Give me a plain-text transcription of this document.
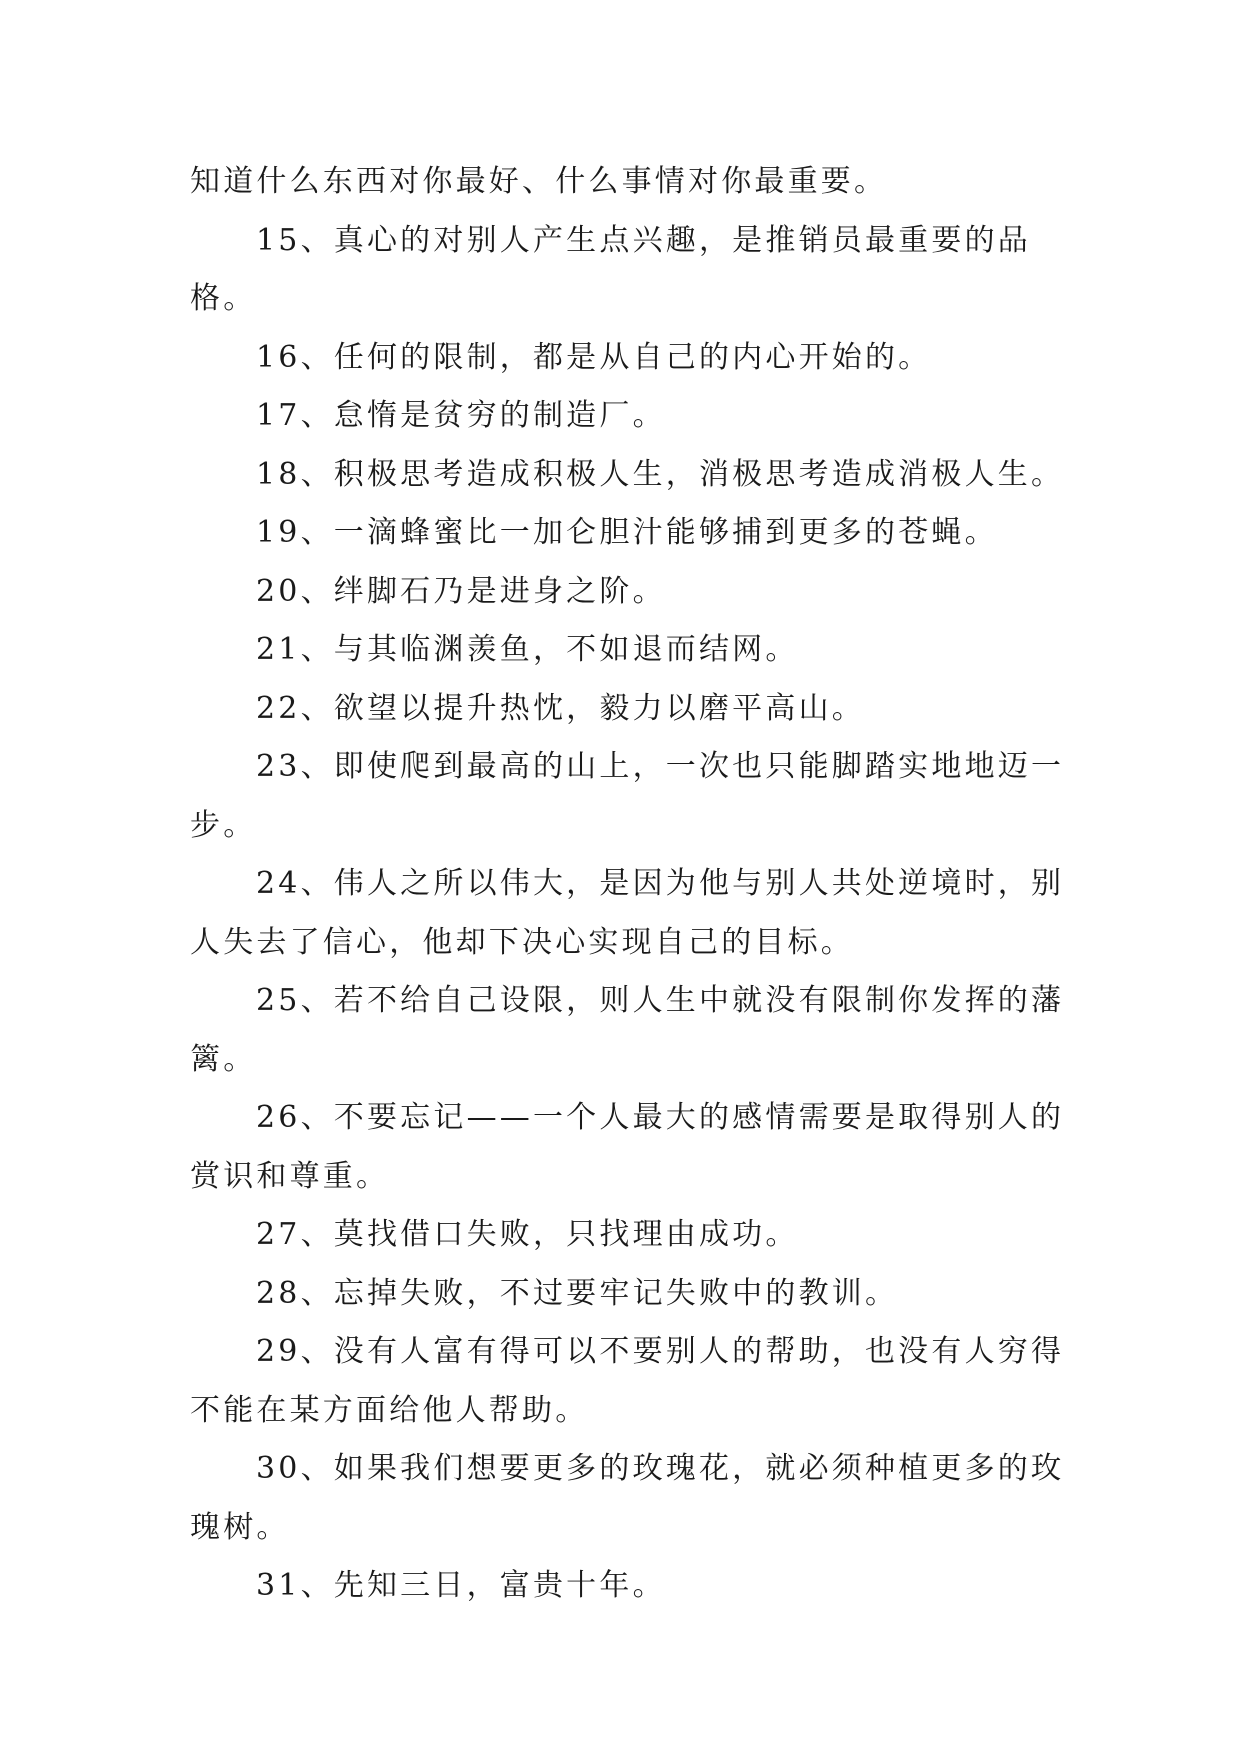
知道什么东西对你最好、什么事情对你最重要。

15、真心的对别人产生点兴趣，是推销员最重要的品格。

16、任何的限制，都是从自己的内心开始的。

17、怠惰是贫穷的制造厂。

18、积极思考造成积极人生，消极思考造成消极人生。

19、一滴蜂蜜比一加仑胆汁能够捕到更多的苍蝇。

20、绊脚石乃是进身之阶。

21、与其临渊羡鱼，不如退而结网。

22、欲望以提升热忱，毅力以磨平高山。

23、即使爬到最高的山上，一次也只能脚踏实地地迈一步。

24、伟人之所以伟大，是因为他与别人共处逆境时，别人失去了信心，他却下决心实现自己的目标。

25、若不给自己设限，则人生中就没有限制你发挥的藩篱。

26、不要忘记——一个人最大的感情需要是取得别人的赏识和尊重。

27、莫找借口失败，只找理由成功。

28、忘掉失败，不过要牢记失败中的教训。

29、没有人富有得可以不要别人的帮助，也没有人穷得不能在某方面给他人帮助。

30、如果我们想要更多的玫瑰花，就必须种植更多的玫瑰树。

31、先知三日，富贵十年。
